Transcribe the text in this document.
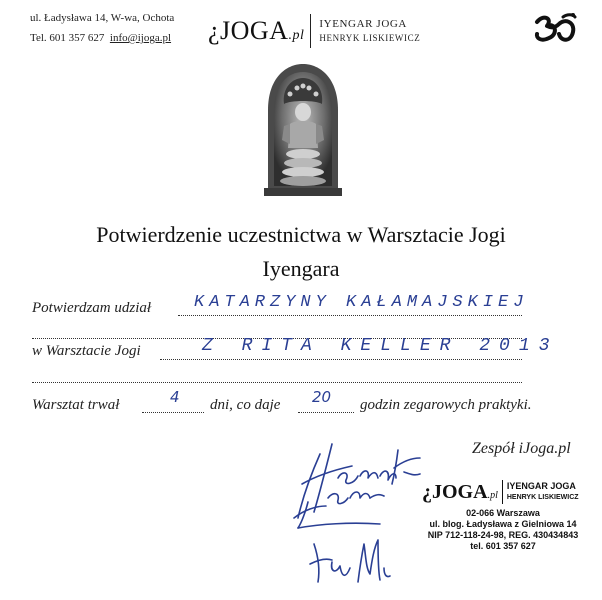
ul. Ładysława 14, W-wa, Ochota
Tel. 601 357 627 info@ijoga.pl ¿JOGA.pl
IYENGAR JOGA
HENRYK LISKIEWICZ
Potwierdzenie uczestnictwa w Warsztacie Jogi
Iyengara
Potwierdzam udział	KATARZYNY KAŁAMAJSKIEJ
w Warsztacie Jogi	Z RITA KELLER 2013
Warsztat trwał	4 dni, co daje 20 godzin zegarowych praktyki.
Zespół iJoga.pl
¿JOGA.pl
IYENGAR JOGA
HENRYK LISKIEWICZ
02-066 Warszawa
ul. blog. Ładysława z Gielniowa 14
NIP 712-118-24-98, REG. 430434843
tel. 601 357 627
